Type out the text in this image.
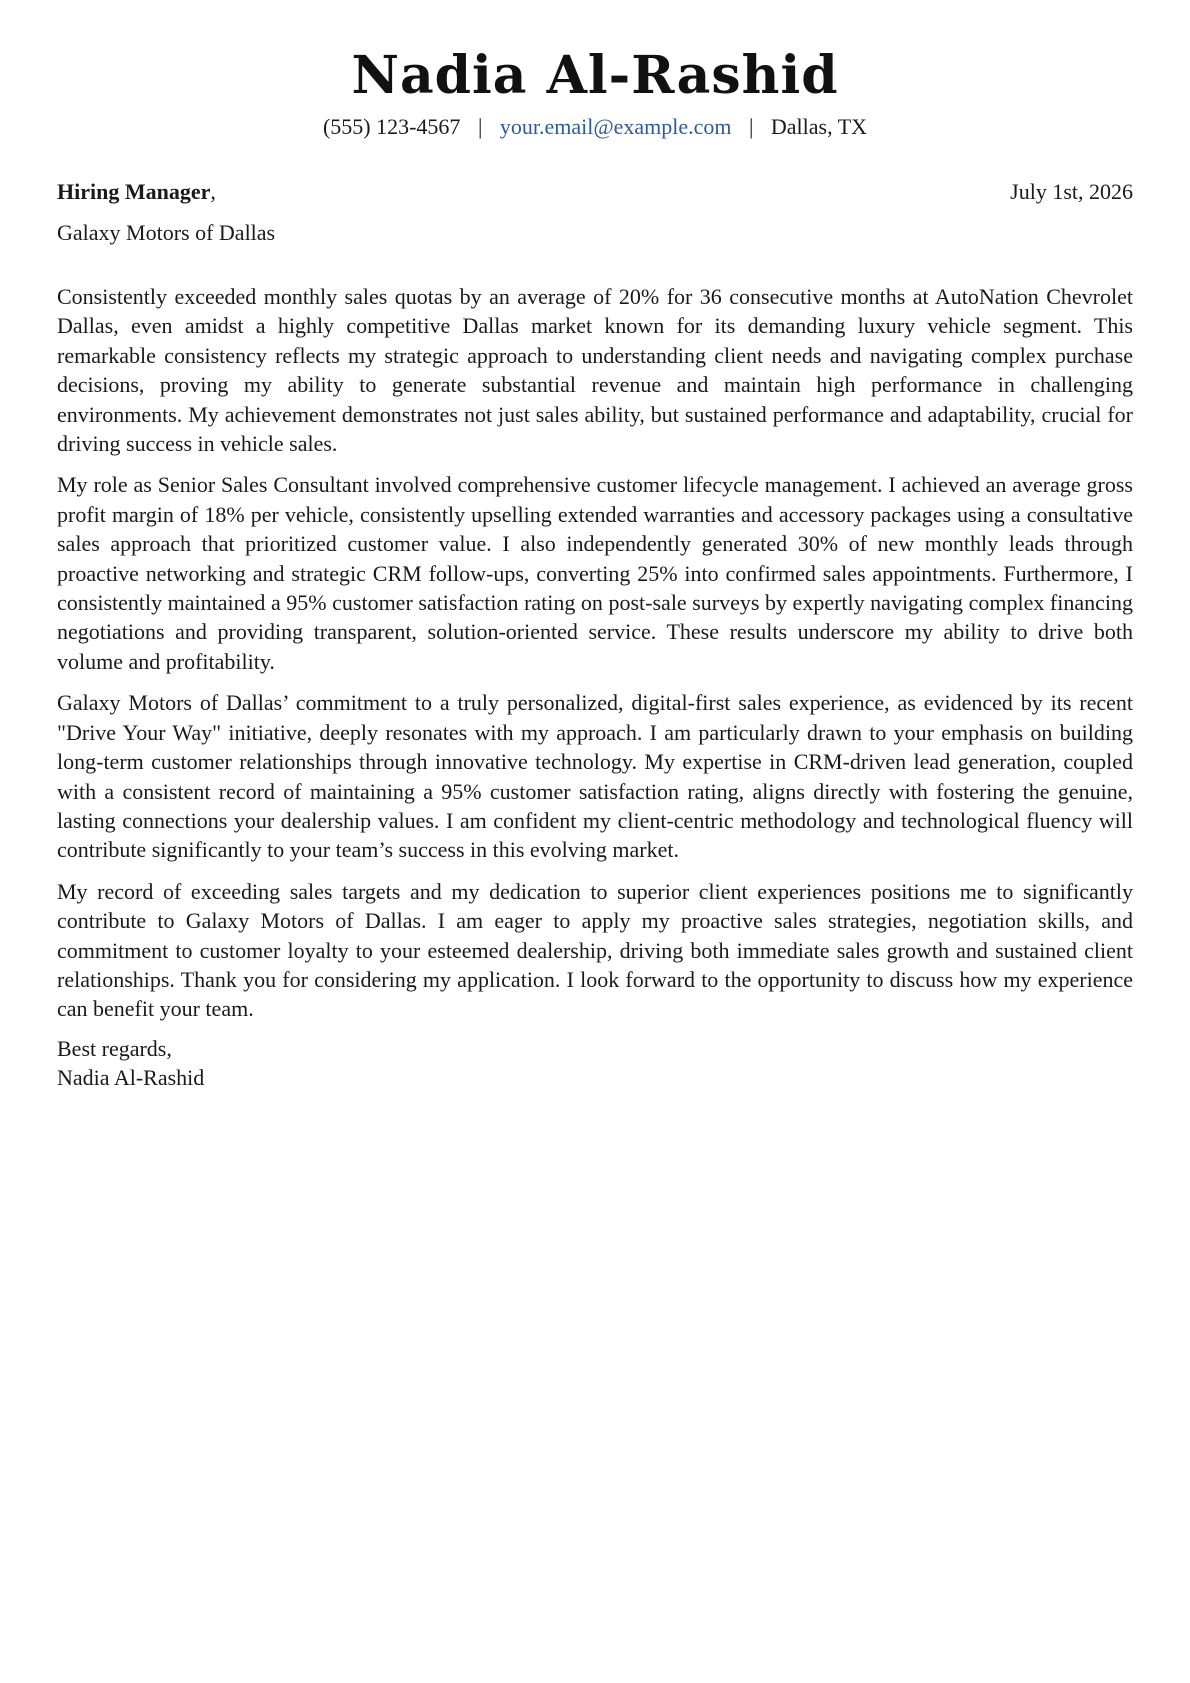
Nadia Al-Rashid
(555) 123-4567 | your.email@example.com | Dallas, TX
Hiring Manager,	July 1st, 2026
Galaxy Motors of Dallas

Consistently exceeded monthly sales quotas by an average of 20% for 36 consecutive months at AutoNation Chevrolet Dallas, even amidst a highly competitive Dallas market known for its demanding luxury vehicle segment. This remarkable consistency reflects my strategic approach to understanding client needs and navigating complex purchase decisions, proving my ability to generate substantial revenue and maintain high performance in challenging environments. My achievement demonstrates not just sales ability, but sustained performance and adaptability, crucial for driving success in vehicle sales.

My role as Senior Sales Consultant involved comprehensive customer lifecycle management. I achieved an average gross profit margin of 18% per vehicle, consistently upselling extended warranties and accessory packages using a consultative sales approach that prioritized customer value. I also independently generated 30% of new monthly leads through proactive networking and strategic CRM follow-ups, converting 25% into confirmed sales appointments. Furthermore, I consistently maintained a 95% customer satisfaction rating on post-sale surveys by expertly navigating complex financing negotiations and providing transparent, solution-oriented service. These results underscore my ability to drive both volume and profitability.

Galaxy Motors of Dallas’ commitment to a truly personalized, digital-first sales experience, as evidenced by its recent "Drive Your Way" initiative, deeply resonates with my approach. I am particularly drawn to your emphasis on building long-term customer relationships through innovative technology. My expertise in CRM-driven lead generation, coupled with a consistent record of maintaining a 95% customer satisfaction rating, aligns directly with fostering the genuine, lasting connections your dealership values. I am confident my client-centric methodology and technological fluency will contribute significantly to your team’s success in this evolving market.

My record of exceeding sales targets and my dedication to superior client experiences positions me to significantly contribute to Galaxy Motors of Dallas. I am eager to apply my proactive sales strategies, negotiation skills, and commitment to customer loyalty to your esteemed dealership, driving both immediate sales growth and sustained client relationships. Thank you for considering my application. I look forward to the opportunity to discuss how my experience can benefit your team.

Best regards,
Nadia Al-Rashid
